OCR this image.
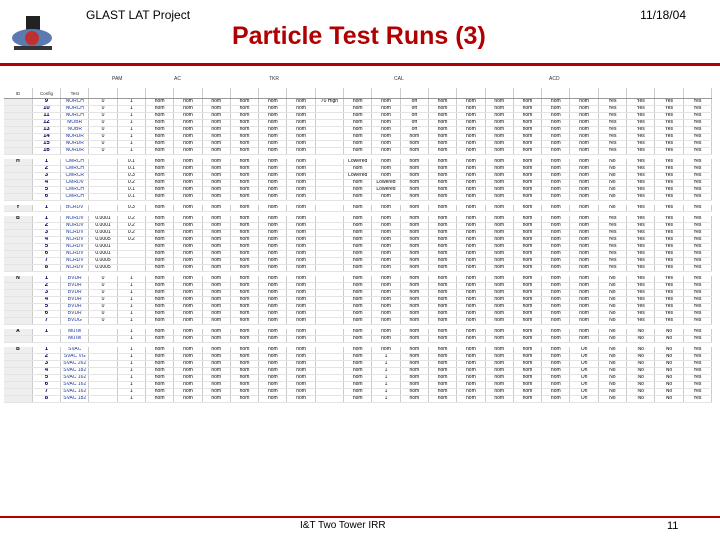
GLAST LAT Project	11/18/04
Particle Test Runs (3)
PAM	AC	TKR	CAL	ACD
ID	Config	Test																						
	9	NORCH	0	1	nom	nom	nom	nom	nom	nom	70 High	nom	nom	off	nom	nom	nom	nom	nom	nom	Yes	Yes	Yes	Yes
	10	NORCH	0	1	nom	nom	nom	nom	nom	nom		nom	nom	off	nom	nom	nom	nom	nom	nom	Yes	Yes	Yes	Yes
	11	NORCH	0	1	nom	nom	nom	nom	nom	nom		nom	nom	off	nom	nom	nom	nom	nom	nom	Yes	Yes	Yes	Yes
	12	MOBR	0	1	nom	nom	nom	nom	nom	nom		nom	nom	off	nom	nom	nom	nom	nom	nom	Yes	Yes	Yes	Yes
	13	NOBR	0	1	nom	nom	nom	nom	nom	nom		nom	nom	off	nom	nom	nom	nom	nom	nom	Yes	Yes	Yes	Yes
	14	NORDR	0	1	nom	nom	nom	nom	nom	nom		nom	nom	nom	nom	nom	nom	nom	nom	nom	Yes	Yes	Yes	Yes
	15	NORDR	0	1	nom	nom	nom	nom	nom	nom		nom	nom	nom	nom	nom	nom	nom	nom	nom	Yes	Yes	Yes	Yes
	16	NORDR	0	1	nom	nom	nom	nom	nom	nom		nom	nom	nom	nom	nom	nom	nom	nom	nom	Yes	Yes	Yes	Yes

H	1	CMRCH		0.1	nom	nom	nom	nom	nom	nom		Lowered	nom	nom	nom	nom	nom	nom	nom	nom	No	Yes	Yes	Yes
	2	CMRCH		0.1	nom	nom	nom	nom	nom	nom		nom	nom	nom	nom	nom	nom	nom	nom	nom	No	Yes	Yes	Yes
	3	CMRCR		0.3	nom	nom	nom	nom	nom	nom		Lowered	nom	nom	nom	nom	nom	nom	nom	nom	No	Yes	Yes	Yes
	4	CMRDV		0.2	nom	nom	nom	nom	nom	nom		nom	Lowered	nom	nom	nom	nom	nom	nom	nom	No	Yes	Yes	Yes
	5	CMRCH		0.1	nom	nom	nom	nom	nom	nom		nom	Lowered	nom	nom	nom	nom	nom	nom	nom	No	Yes	Yes	Yes
	6	CMRCH		0.1	nom	nom	nom	nom	nom	nom		nom	nom	nom	nom	nom	nom	nom	nom	nom	No	Yes	Yes	Yes

Y	1	BCRDV		0.3	nom	nom	nom	nom	nom	nom		nom	nom	nom	nom	nom	nom	nom	nom	nom	No	Yes	Yes	Yes

B	1	NORDV	0.0001	0.2	nom	nom	nom	nom	nom	nom		nom	nom	nom	nom	nom	nom	nom	nom	nom	Yes	Yes	Yes	Yes
	2	NORDV	0.0001	0.2	nom	nom	nom	nom	nom	nom		nom	nom	nom	nom	nom	nom	nom	nom	nom	Yes	Yes	Yes	Yes
	3	NCRDV	0.0001	0.2	nom	nom	nom	nom	nom	nom		nom	nom	nom	nom	nom	nom	nom	nom	nom	Yes	Yes	Yes	Yes
	4	NCRDV	0.0005	0.2	nom	nom	nom	nom	nom	nom		nom	nom	nom	nom	nom	nom	nom	nom	nom	Yes	Yes	Yes	Yes
	5	NCRDV	0.0001		nom	nom	nom	nom	nom	nom		nom	nom	nom	nom	nom	nom	nom	nom	nom	Yes	Yes	Yes	Yes
	6	NCRDV	0.0001		nom	nom	nom	nom	nom	nom		nom	nom	nom	nom	nom	nom	nom	nom	nom	Yes	Yes	Yes	Yes
	7	NCRDV	0.0005		nom	nom	nom	nom	nom	nom		nom	nom	nom	nom	nom	nom	nom	nom	nom	Yes	Yes	Yes	Yes
	8	NCRDV	0.0005		nom	nom	nom	nom	nom	nom		nom	nom	nom	nom	nom	nom	nom	nom	nom	Yes	Yes	Yes	Yes

N	1	BVDR	0	1	nom	nom	nom	nom	nom	nom		nom	nom	nom	nom	nom	nom	nom	nom	nom	No	Yes	Yes	Yes
	2	BVDR	0	1	nom	nom	nom	nom	nom	nom		nom	nom	nom	nom	nom	nom	nom	nom	nom	No	Yes	Yes	Yes
	3	BVDR	0	1	nom	nom	nom	nom	nom	nom		nom	nom	nom	nom	nom	nom	nom	nom	nom	No	Yes	Yes	Yes
	4	BVDR	0	1	nom	nom	nom	nom	nom	nom		nom	nom	nom	nom	nom	nom	nom	nom	nom	No	Yes	Yes	Yes
	5	BVDR	0	1	nom	nom	nom	nom	nom	nom		nom	nom	nom	nom	nom	nom	nom	nom	nom	No	Yes	Yes	Yes
	6	BVDR	0	1	nom	nom	nom	nom	nom	nom		nom	nom	nom	nom	nom	nom	nom	nom	nom	No	Yes	Yes	Yes
	7	BVDG	0	1	nom	nom	nom	nom	nom	nom		nom	nom	nom	nom	nom	nom	nom	nom	nom	No	Yes	Yes	Yes

A	1	MuTel		1	nom	nom	nom	nom	nom	nom		nom	nom	nom	nom	nom	nom	nom	nom	nom	No	No	No	Yes
		MuTel		1	nom	nom	nom	nom	nom	nom		nom	nom	nom	nom	nom	nom	nom	nom	nom	No	No	No	Yes

B	1	SVAC		1	nom	nom	nom	nom	nom	nom		nom	nom	nom	nom	nom	nom	nom	nom	On	No	No	No	Yes
	2	SVAC VG		1	nom	nom	nom	nom	nom	nom		nom	1	nom	nom	nom	nom	nom	nom	On	No	No	No	Yes
	3	SVAC 262		1	nom	nom	nom	nom	nom	nom		nom	1	nom	nom	nom	nom	nom	nom	On	No	No	No	Yes
	4	SVAC 182		1	nom	nom	nom	nom	nom	nom		nom	1	nom	nom	nom	nom	nom	nom	On	No	No	No	Yes
	5	SVAC 162		1	nom	nom	nom	nom	nom	nom		nom	1	nom	nom	nom	nom	nom	nom	On	No	No	No	Yes
	6	SVAC 162		1	nom	nom	nom	nom	nom	nom		nom	1	nom	nom	nom	nom	nom	nom	On	No	No	No	Yes
	7	SVAC 162		1	nom	nom	nom	nom	nom	nom		nom	1	nom	nom	nom	nom	nom	nom	On	No	No	No	Yes
	8	SVAC 182		1	nom	nom	nom	nom	nom	nom		nom	1	nom	nom	nom	nom	nom	nom	On	No	No	No	Yes
I&T Two Tower IRR	11
